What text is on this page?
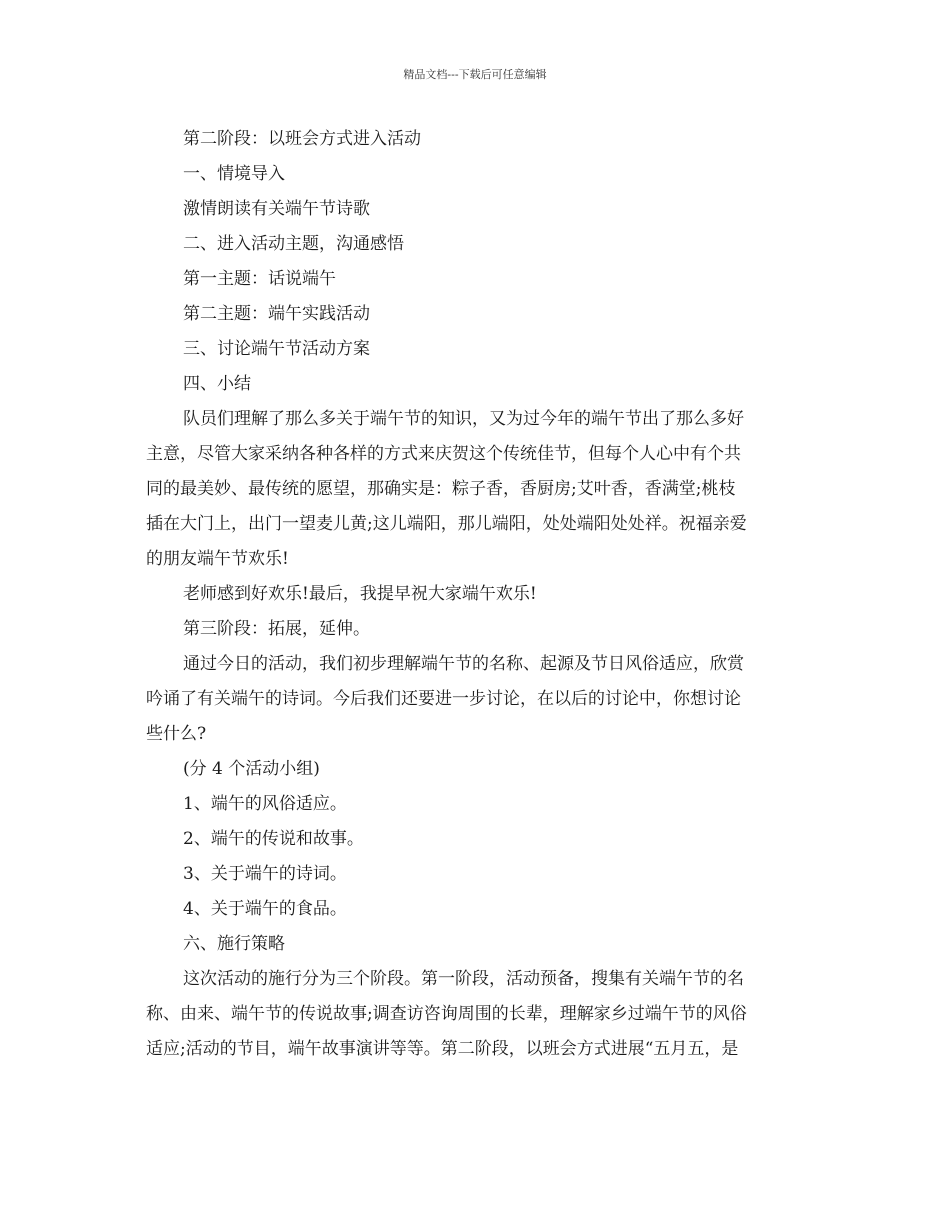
精品文档---下载后可任意编辑
第二阶段：以班会方式进入活动
一、情境导入
激情朗读有关端午节诗歌
二、进入活动主题，沟通感悟
第一主题：话说端午
第二主题：端午实践活动
三、讨论端午节活动方案
四、小结
队员们理解了那么多关于端午节的知识，又为过今年的端午节出了那么多好
主意，尽管大家采纳各种各样的方式来庆贺这个传统佳节，但每个人心中有个共
同的最美妙、最传统的愿望，那确实是：粽子香，香厨房;艾叶香，香满堂;桃枝
插在大门上，出门一望麦儿黄;这儿端阳，那儿端阳，处处端阳处处祥。祝福亲爱
的朋友端午节欢乐!
老师感到好欢乐!最后，我提早祝大家端午欢乐!
第三阶段：拓展，延伸。
通过今日的活动，我们初步理解端午节的名称、起源及节日风俗适应，欣赏
吟诵了有关端午的诗词。今后我们还要进一步讨论，在以后的讨论中，你想讨论
些什么?
(分 4 个活动小组)
1、端午的风俗适应。
2、端午的传说和故事。
3、关于端午的诗词。
4、关于端午的食品。
六、施行策略
这次活动的施行分为三个阶段。第一阶段，活动预备，搜集有关端午节的名
称、由来、端午节的传说故事;调查访咨询周围的长辈，理解家乡过端午节的风俗
适应;活动的节目，端午故事演讲等等。第二阶段，以班会方式进展“五月五，是
